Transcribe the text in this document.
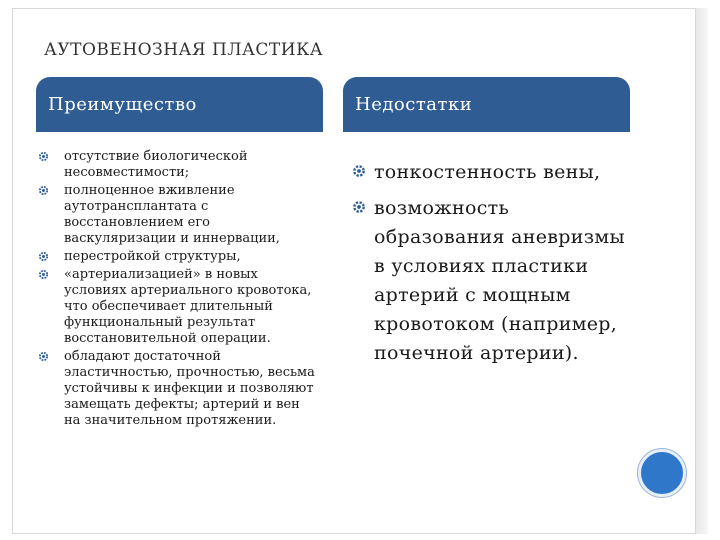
АУТОВЕНОЗНАЯ ПЛАСТИКА
Преимущество	Недостатки
отсутствие биологической несовместимости;
полноценное вживление аутотрансплантата с восстановлением его васкуляризации и иннервации,
перестройкой структуры,
«артериализацией» в новых условиях артериального кровотока, что обеспечивает длительный функциональный результат восстановительной операции.
обладают достаточной эластичностью, прочностью, весьма устойчивы к инфекции и позволяют замещать дефекты; артерий и вен на значительном протяжении.
тонкостенность вены,
возможность образования аневризмы в условиях пластики артерий с мощным кровотоком (например, почечной артерии).
